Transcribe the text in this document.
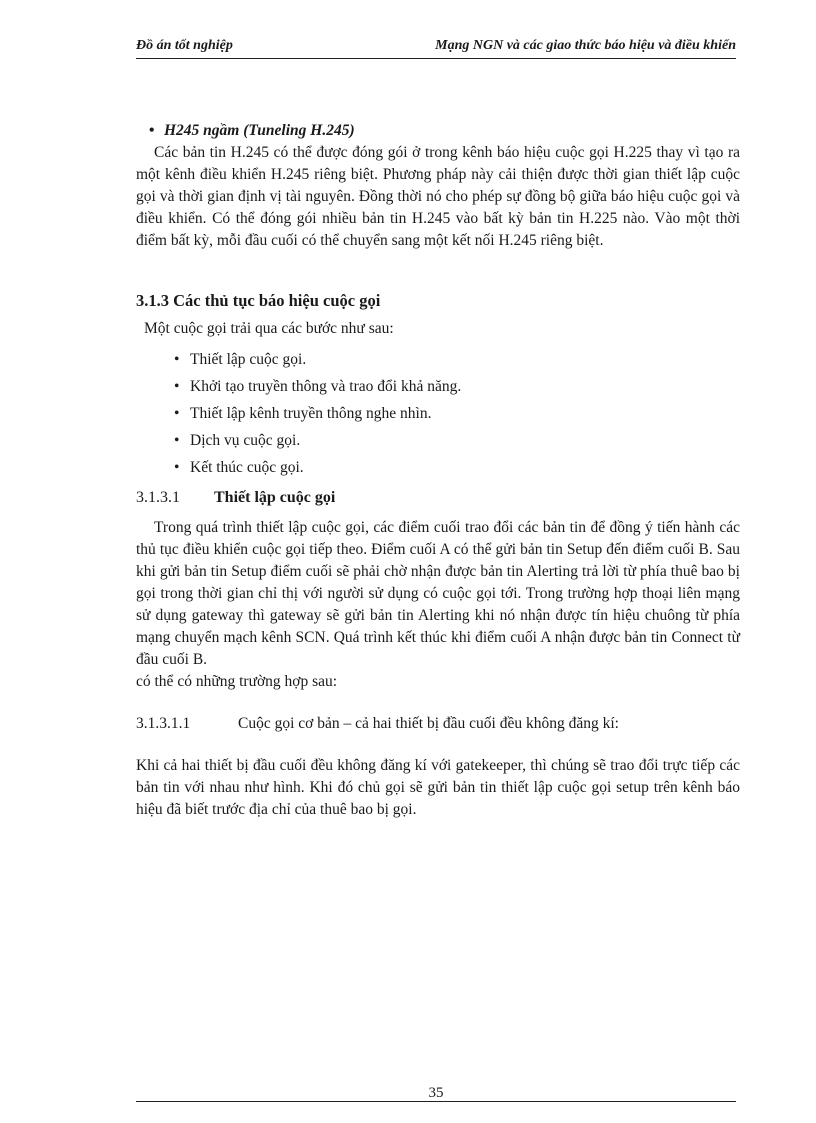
Đồ án tốt nghiệp	Mạng NGN và các giao thức báo hiệu và điều khiển

• H245 ngầm (Tuneling H.245)

Các bản tin H.245 có thể được đóng gói ở trong kênh báo hiệu cuộc gọi H.225 thay vì tạo ra một kênh điều khiển H.245 riêng biệt. Phương pháp này cải thiện được thời gian thiết lập cuộc gọi và thời gian định vị tài nguyên. Đồng thời nó cho phép sự đồng bộ giữa báo hiệu cuộc gọi và điều khiển. Có thể đóng gói nhiều bản tin H.245 vào bất kỳ bản tin H.225 nào. Vào một thời điểm bất kỳ, mỗi đầu cuối có thể chuyển sang một kết nối H.245 riêng biệt.

3.1.3 Các thủ tục báo hiệu cuộc gọi

Một cuộc gọi trải qua các bước như sau:

• Thiết lập cuộc gọi.
• Khởi tạo truyền thông và trao đổi khả năng.
• Thiết lập kênh truyền thông nghe nhìn.
• Dịch vụ cuộc gọi.
• Kết thúc cuộc gọi.

3.1.3.1 Thiết lập cuộc gọi

Trong quá trình thiết lập cuộc gọi, các điểm cuối trao đổi các bản tin để đồng ý tiến hành các thủ tục điều khiển cuộc gọi tiếp theo. Điểm cuối A có thể gửi bản tin Setup đến điểm cuối B. Sau khi gửi bản tin Setup điểm cuối sẽ phải chờ nhận được bản tin Alerting trả lời từ phía thuê bao bị gọi trong thời gian chỉ thị với người sử dụng có cuộc gọi tới. Trong trường hợp thoại liên mạng sử dụng gateway thì gateway sẽ gửi bản tin Alerting khi nó nhận được tín hiệu chuông từ phía mạng chuyển mạch kênh SCN. Quá trình kết thúc khi điểm cuối A nhận được bản tin Connect từ đầu cuối B.

có thể có những trường hợp sau:

3.1.3.1.1	Cuộc gọi cơ bản – cả hai thiết bị đầu cuối đều không đăng kí:

Khi cả hai thiết bị đầu cuối đều không đăng kí với gatekeeper, thì chúng sẽ trao đổi trực tiếp các bản tin với nhau như hình. Khi đó chủ gọi sẽ gửi bản tin thiết lập cuộc gọi setup trên kênh báo hiệu đã biết trước địa chỉ của thuê bao bị gọi.

35
